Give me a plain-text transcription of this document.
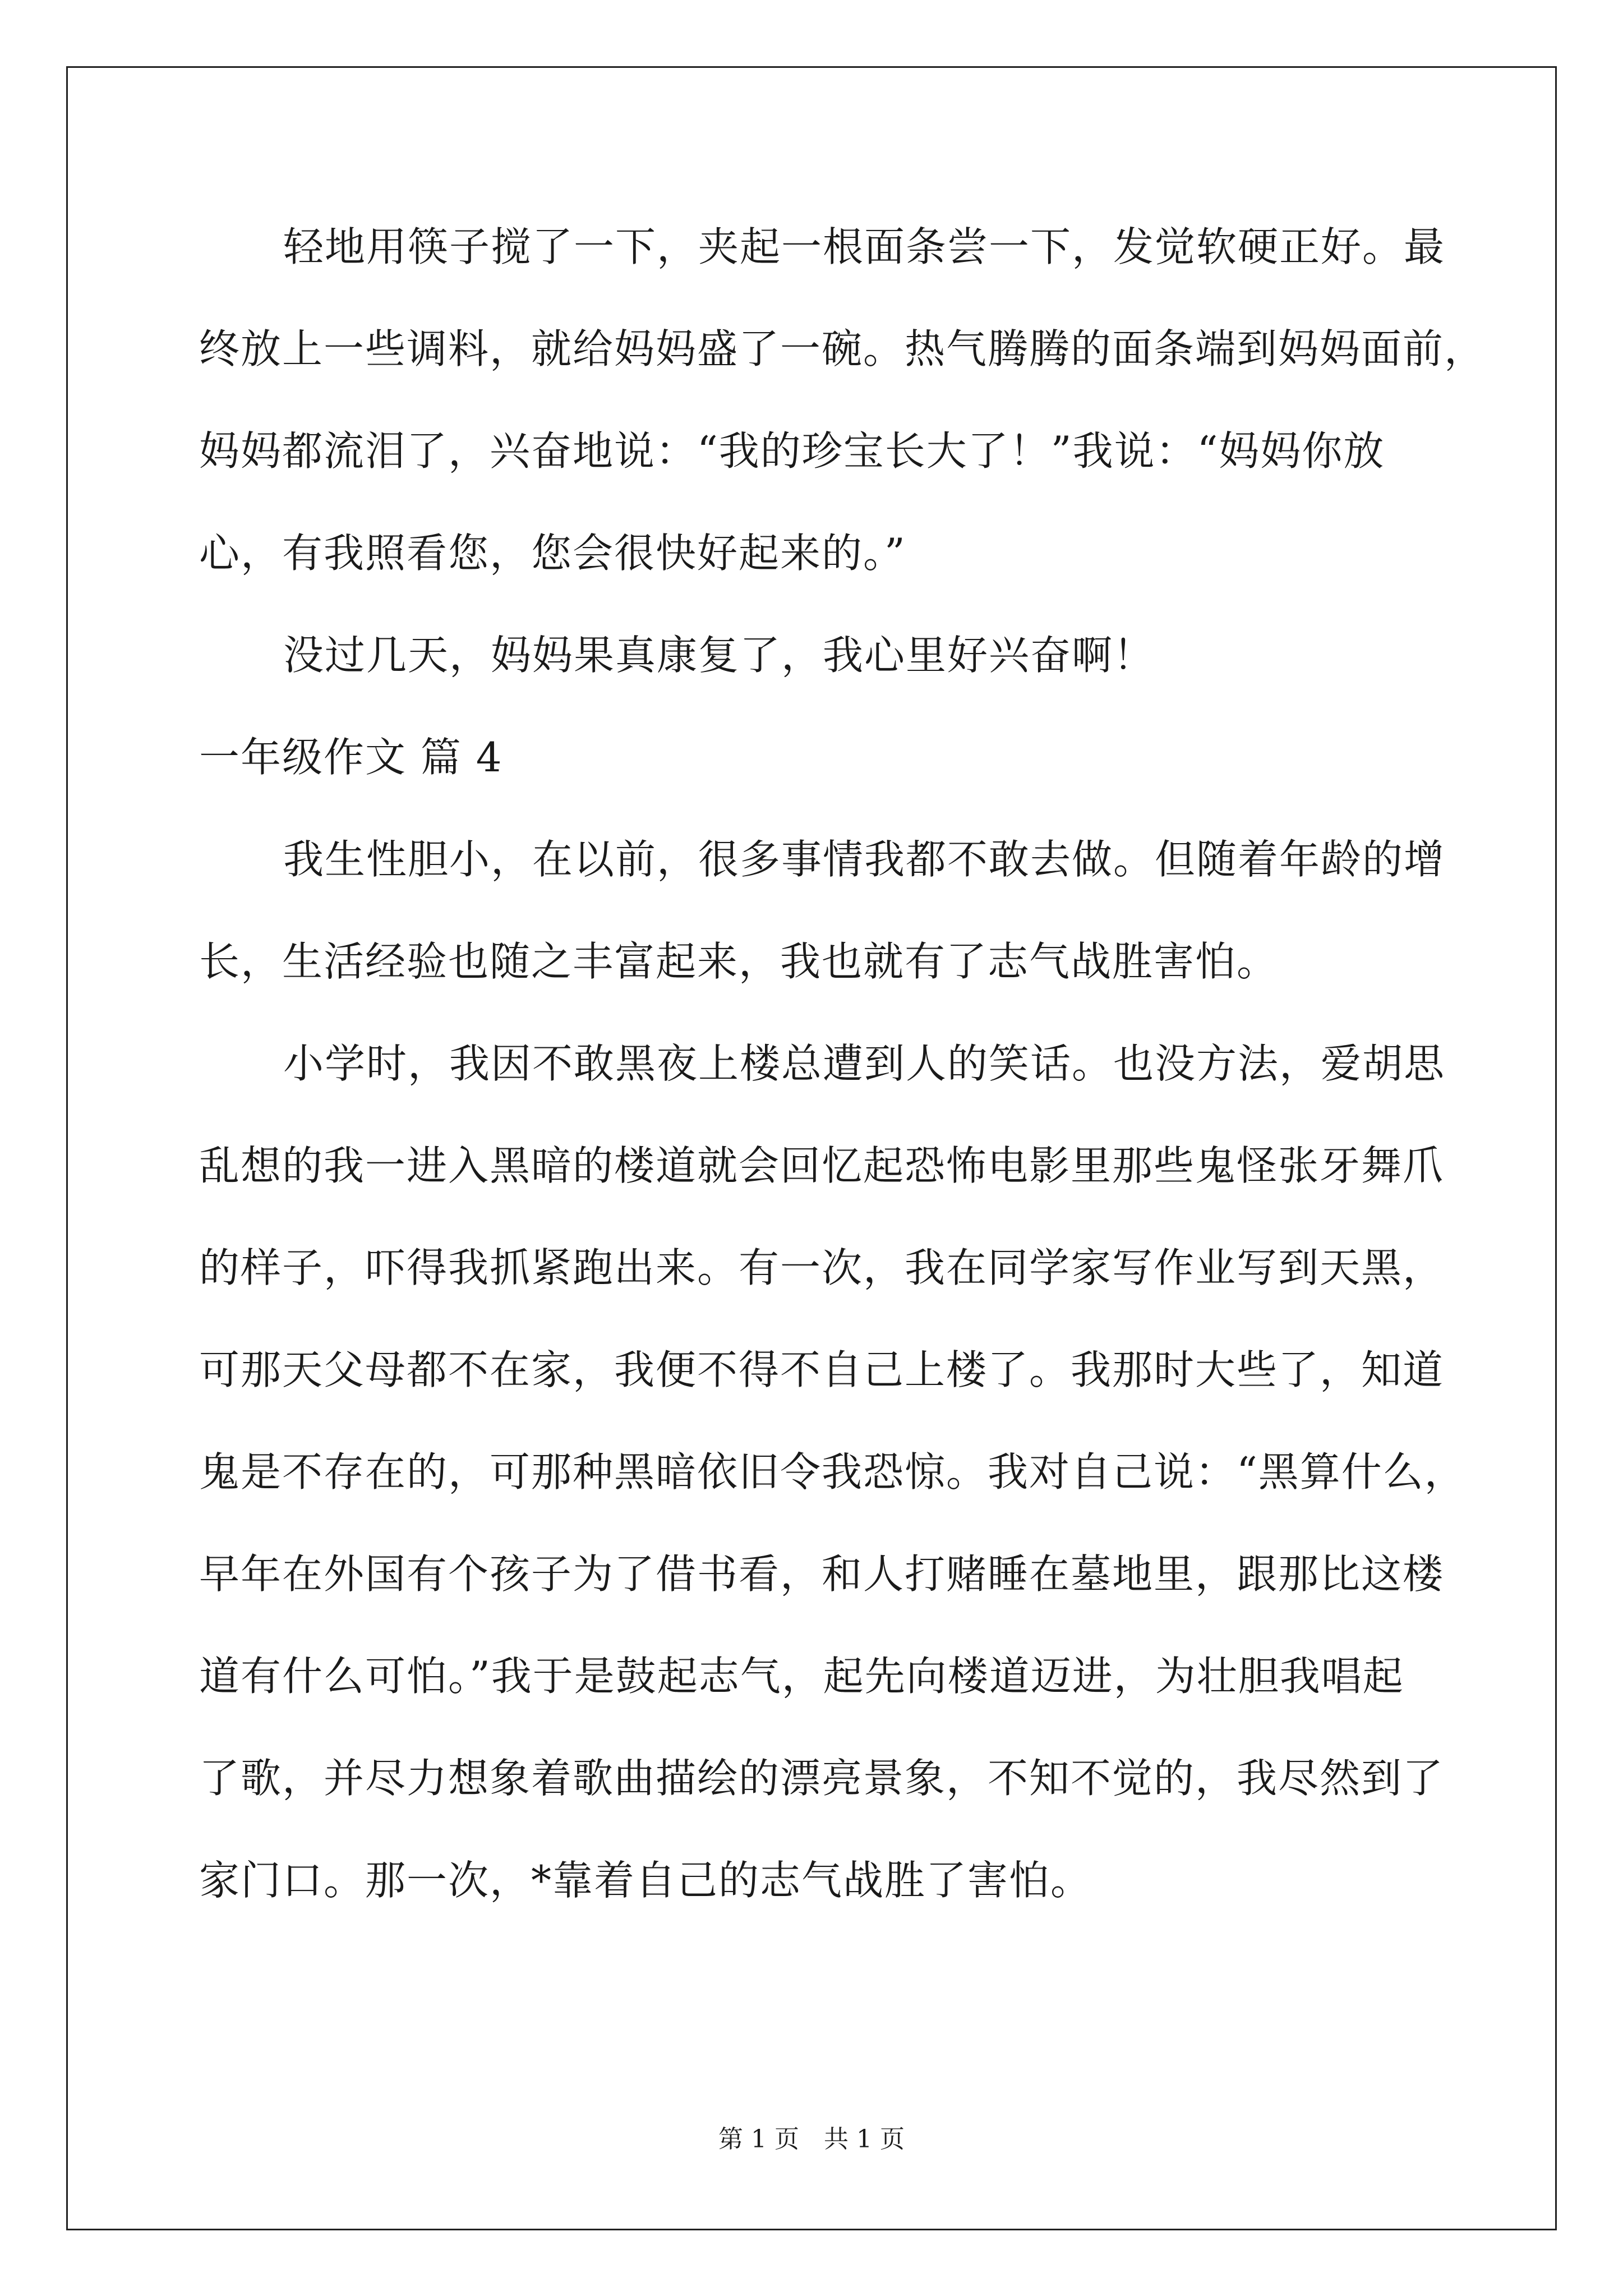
轻地用筷子搅了一下，夹起一根面条尝一下，发觉软硬正好。最
终放上一些调料，就给妈妈盛了一碗。热气腾腾的面条端到妈妈面前，
妈妈都流泪了，兴奋地说：“我的珍宝长大了！”我说：“妈妈你放
心，有我照看您，您会很快好起来的。”
没过几天，妈妈果真康复了，我心里好兴奋啊！
一年级作文 篇 4
我生性胆小，在以前，很多事情我都不敢去做。但随着年龄的增
长，生活经验也随之丰富起来，我也就有了志气战胜害怕。
小学时，我因不敢黑夜上楼总遭到人的笑话。也没方法，爱胡思
乱想的我一进入黑暗的楼道就会回忆起恐怖电影里那些鬼怪张牙舞爪
的样子，吓得我抓紧跑出来。有一次，我在同学家写作业写到天黑，
可那天父母都不在家，我便不得不自己上楼了。我那时大些了，知道
鬼是不存在的，可那种黑暗依旧令我恐惊。我对自己说：“黑算什么，
早年在外国有个孩子为了借书看，和人打赌睡在墓地里，跟那比这楼
道有什么可怕。”我于是鼓起志气，起先向楼道迈进，为壮胆我唱起
了歌，并尽力想象着歌曲描绘的漂亮景象，不知不觉的，我尽然到了
家门口。那一次，*靠着自己的志气战胜了害怕。
第 1 页　共 1 页
